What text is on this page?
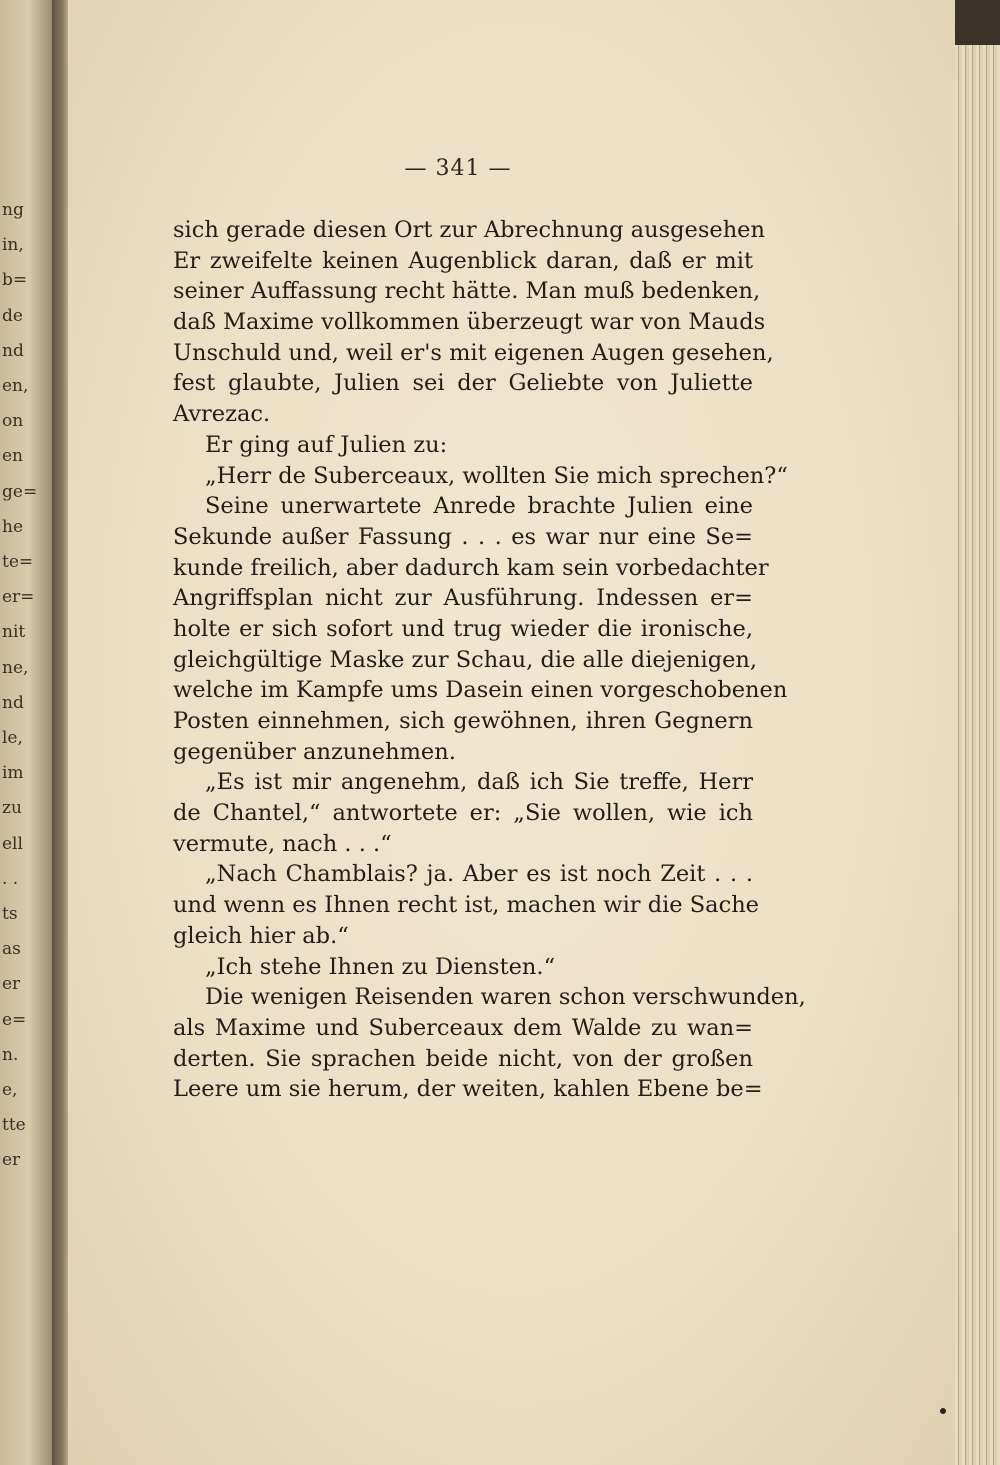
ng
in,
b=
de
nd
en,
on
en
ge=
he
te=
er=
nit
ne,
nd
le,
im
zu
ell
. .
ts
as
er
e=
n.
e,
tte
er
— 341 —
sich gerade diesen Ort zur Abrechnung ausgesehen
Er zweifelte keinen Augenblick daran, daß er mit
seiner Auffassung recht hätte. Man muß bedenken,
daß Maxime vollkommen überzeugt war von Mauds
Unschuld und, weil er's mit eigenen Augen gesehen,
fest glaubte, Julien sei der Geliebte von Juliette
Avrezac.
Er ging auf Julien zu:
„Herr de Suberceaux, wollten Sie mich sprechen?“
Seine unerwartete Anrede brachte Julien eine
Sekunde außer Fassung . . . es war nur eine Se=
kunde freilich, aber dadurch kam sein vorbedachter
Angriffsplan nicht zur Ausführung. Indessen er=
holte er sich sofort und trug wieder die ironische,
gleichgültige Maske zur Schau, die alle diejenigen,
welche im Kampfe ums Dasein einen vorgeschobenen
Posten einnehmen, sich gewöhnen, ihren Gegnern
gegenüber anzunehmen.
„Es ist mir angenehm, daß ich Sie treffe, Herr
de Chantel,“ antwortete er: „Sie wollen, wie ich
vermute, nach . . .“
„Nach Chamblais? ja. Aber es ist noch Zeit . . .
und wenn es Ihnen recht ist, machen wir die Sache
gleich hier ab.“
„Ich stehe Ihnen zu Diensten.“
Die wenigen Reisenden waren schon verschwunden,
als Maxime und Suberceaux dem Walde zu wan=
derten. Sie sprachen beide nicht, von der großen
Leere um sie herum, der weiten, kahlen Ebene be=
